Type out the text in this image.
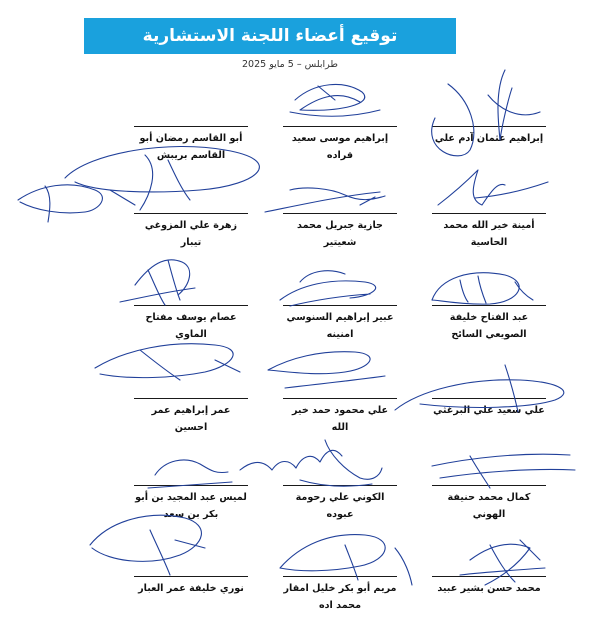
توقيع أعضاء اللجنة الاستشارية
طرابلس – 5 مايو 2025
إبراهيم عثمان آدم علي
إبراهيم موسى سعيد قراده
أبو القاسم رمضان أبو القاسم بريبش
أمينة خير الله محمد الحاسية
جازية جبريل محمد شعيتير
زهرة علي المزوغي تيبار
عبد الفتاح خليفة الصويعي السائح
عبير إبراهيم السنوسي امنينه
عصام يوسف مفتاح الماوي
علي سعيد علي البرغثي
علي محمود حمد خير الله
عمر إبراهيم عمر احسين
كمال محمد حنيفة الهوني
الكوني علي رحومة عبوده
لميس عبد المجيد بن أبو بكر بن سعد
محمد حسن بشير عبيد
مريم أبو بكر خليل امقار محمد اده
نوري خليفة عمر العبار
